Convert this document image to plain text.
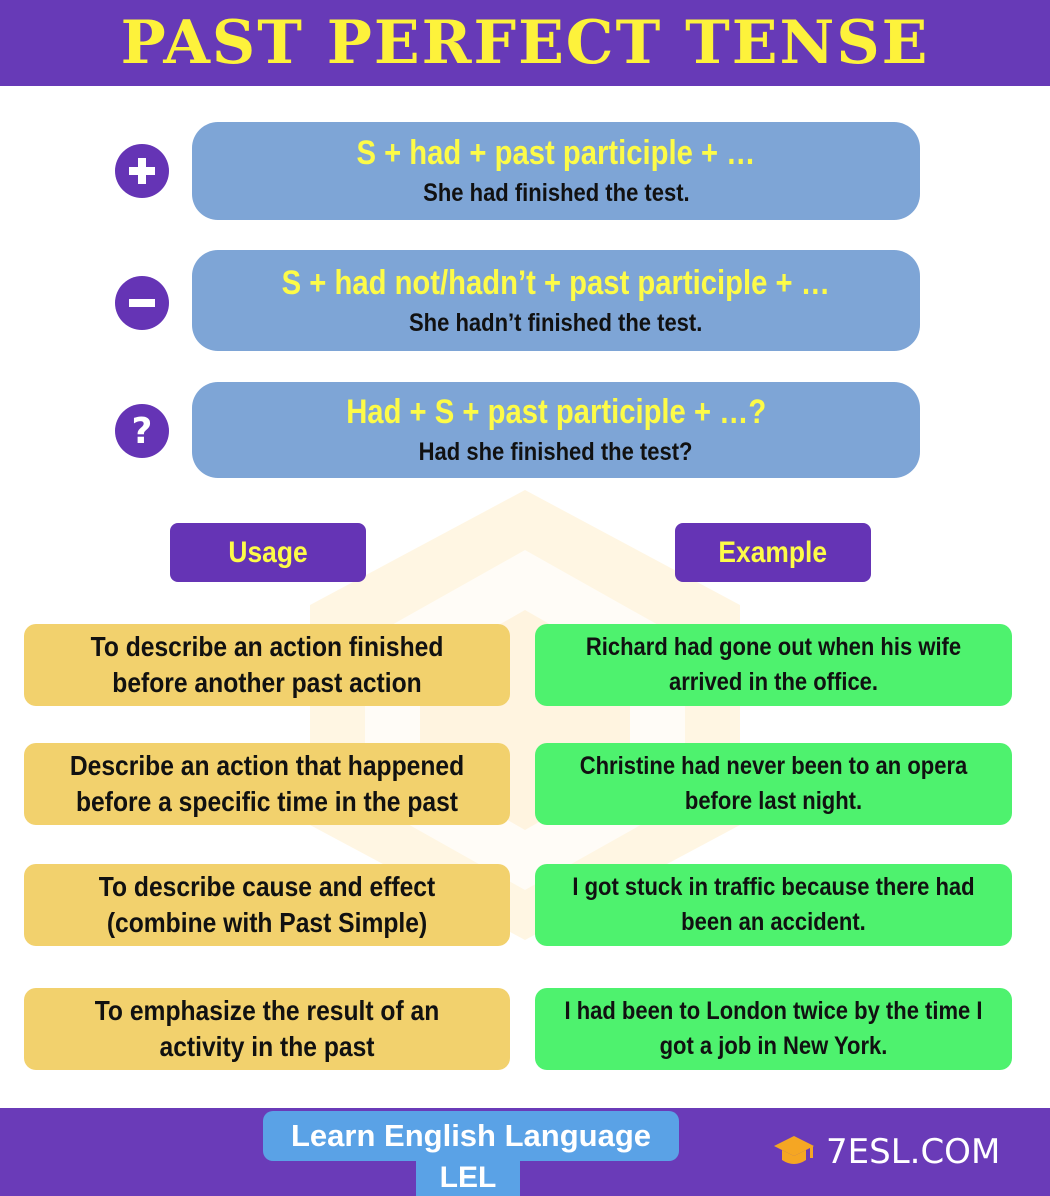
PAST PERFECT TENSE
?
S + had + past participle + …
She had finished the test.
S + had not/hadn’t + past participle + …
She hadn’t finished the test.
Had + S + past participle + …?
Had she finished the test?
Usage	Example
To describe an action finished before another past action
Describe an action that happened before a specific time in the past
To describe cause and effect (combine with Past Simple)
To emphasize the result of an activity in the past
Richard had gone out when his wife arrived in the office.
Christine had never been to an opera before last night.
I got stuck in traffic because there had been an accident.
I had been to London twice by the time I got a job in New York.
Learn English Language
LEL
7ESL.COM
